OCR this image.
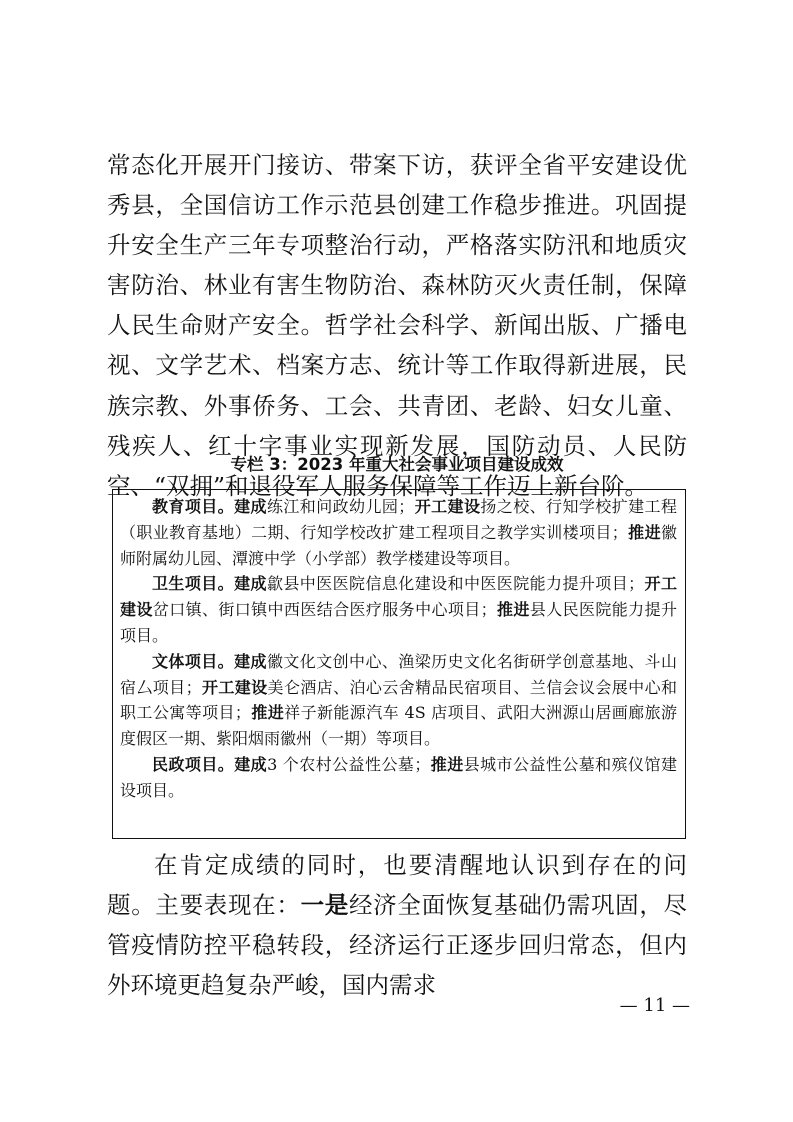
常态化开展开门接访、带案下访，获评全省平安建设优秀县，全国信访工作示范县创建工作稳步推进。巩固提升安全生产三年专项整治行动，严格落实防汛和地质灾害防治、林业有害生物防治、森林防灭火责任制，保障人民生命财产安全。哲学社会科学、新闻出版、广播电视、文学艺术、档案方志、统计等工作取得新进展，民族宗教、外事侨务、工会、共青团、老龄、妇女儿童、残疾人、红十字事业实现新发展，国防动员、人民防空、“双拥”和退役军人服务保障等工作迈上新台阶。

专栏 3：2023 年重大社会事业项目建设成效

教育项目。建成练江和问政幼儿园；开工建设扬之校、行知学校扩建工程（职业教育基地）二期、行知学校改扩建工程项目之教学实训楼项目；推进徽师附属幼儿园、潭渡中学（小学部）教学楼建设等项目。

卫生项目。建成歙县中医医院信息化建设和中医医院能力提升项目；开工建设岔口镇、街口镇中西医结合医疗服务中心项目；推进县人民医院能力提升项目。

文体项目。建成徽文化文创中心、渔梁历史文化名街研学创意基地、斗山宿厶项目；开工建设美仑酒店、泊心云舍精品民宿项目、兰信会议会展中心和职工公寓等项目；推进祥子新能源汽车 4S 店项目、武阳大洲源山居画廊旅游度假区一期、紫阳烟雨徽州（一期）等项目。

民政项目。建成3 个农村公益性公墓；推进县城市公益性公墓和殡仪馆建设项目。

在肯定成绩的同时，也要清醒地认识到存在的问题。主要表现在：一是经济全面恢复基础仍需巩固，尽管疫情防控平稳转段，经济运行正逐步回归常态，但内外环境更趋复杂严峻，国内需求

— 11 —
